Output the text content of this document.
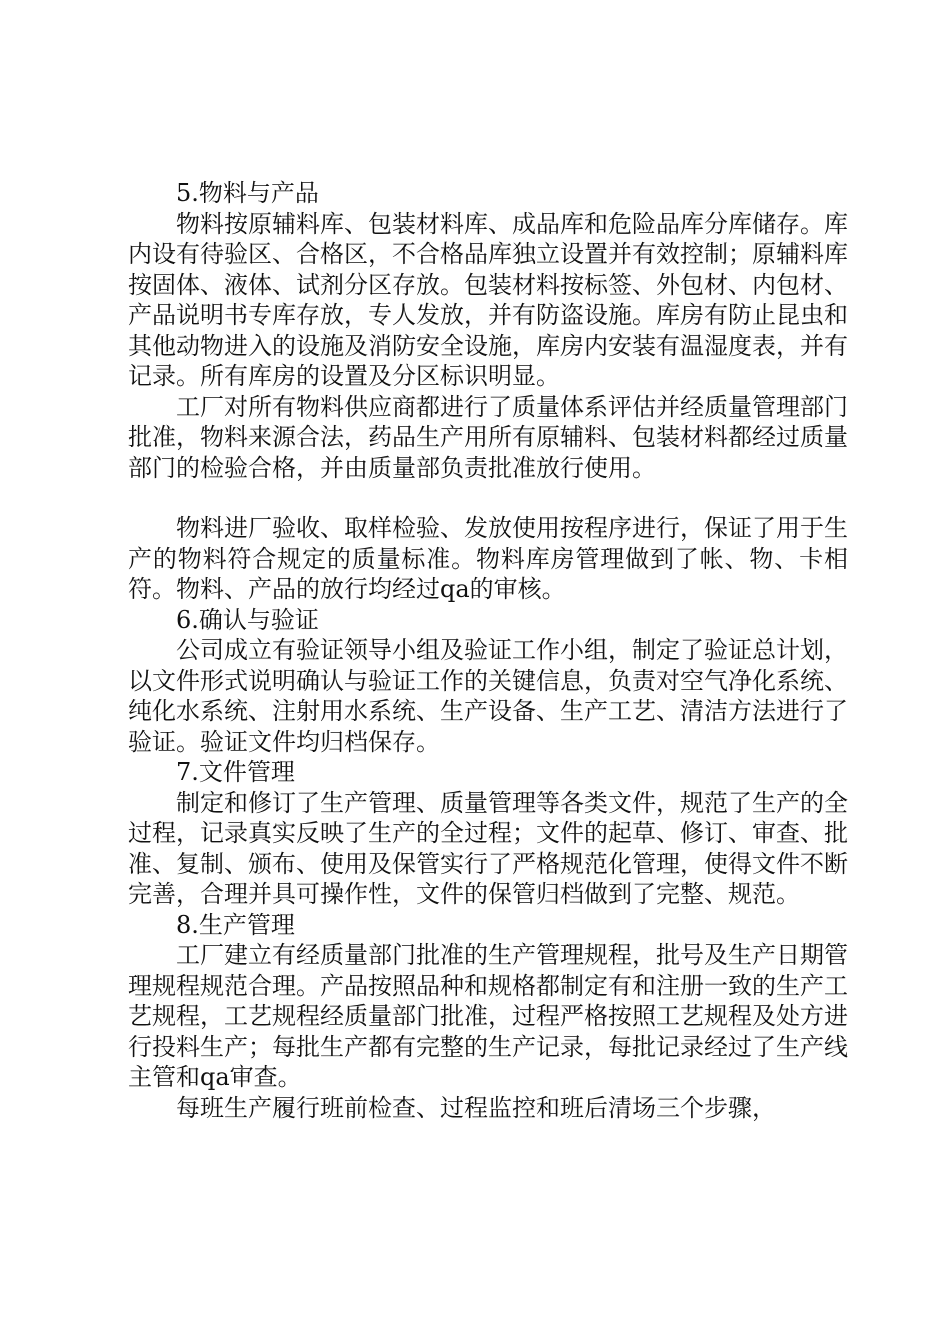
5.物料与产品

物料按原辅料库、包装材料库、成品库和危险品库分库储存。库内设有待验区、合格区，不合格品库独立设置并有效控制；原辅料库按固体、液体、试剂分区存放。包装材料按标签、外包材、内包材、产品说明书专库存放，专人发放，并有防盗设施。库房有防止昆虫和其他动物进入的设施及消防安全设施，库房内安装有温湿度表，并有记录。所有库房的设置及分区标识明显。

工厂对所有物料供应商都进行了质量体系评估并经质量管理部门批准，物料来源合法，药品生产用所有原辅料、包装材料都经过质量部门的检验合格，并由质量部负责批准放行使用。

物料进厂验收、取样检验、发放使用按程序进行，保证了用于生产的物料符合规定的质量标准。物料库房管理做到了帐、物、卡相符。物料、产品的放行均经过qa的审核。

6.确认与验证

公司成立有验证领导小组及验证工作小组，制定了验证总计划，以文件形式说明确认与验证工作的关键信息，负责对空气净化系统、纯化水系统、注射用水系统、生产设备、生产工艺、清洁方法进行了验证。验证文件均归档保存。

7.文件管理

制定和修订了生产管理、质量管理等各类文件，规范了生产的全过程，记录真实反映了生产的全过程；文件的起草、修订、审查、批准、复制、颁布、使用及保管实行了严格规范化管理，使得文件不断完善，合理并具可操作性，文件的保管归档做到了完整、规范。

8.生产管理

工厂建立有经质量部门批准的生产管理规程，批号及生产日期管理规程规范合理。产品按照品种和规格都制定有和注册一致的生产工艺规程，工艺规程经质量部门批准，过程严格按照工艺规程及处方进行投料生产；每批生产都有完整的生产记录，每批记录经过了生产线主管和qa审查。

每班生产履行班前检查、过程监控和班后清场三个步骤，
